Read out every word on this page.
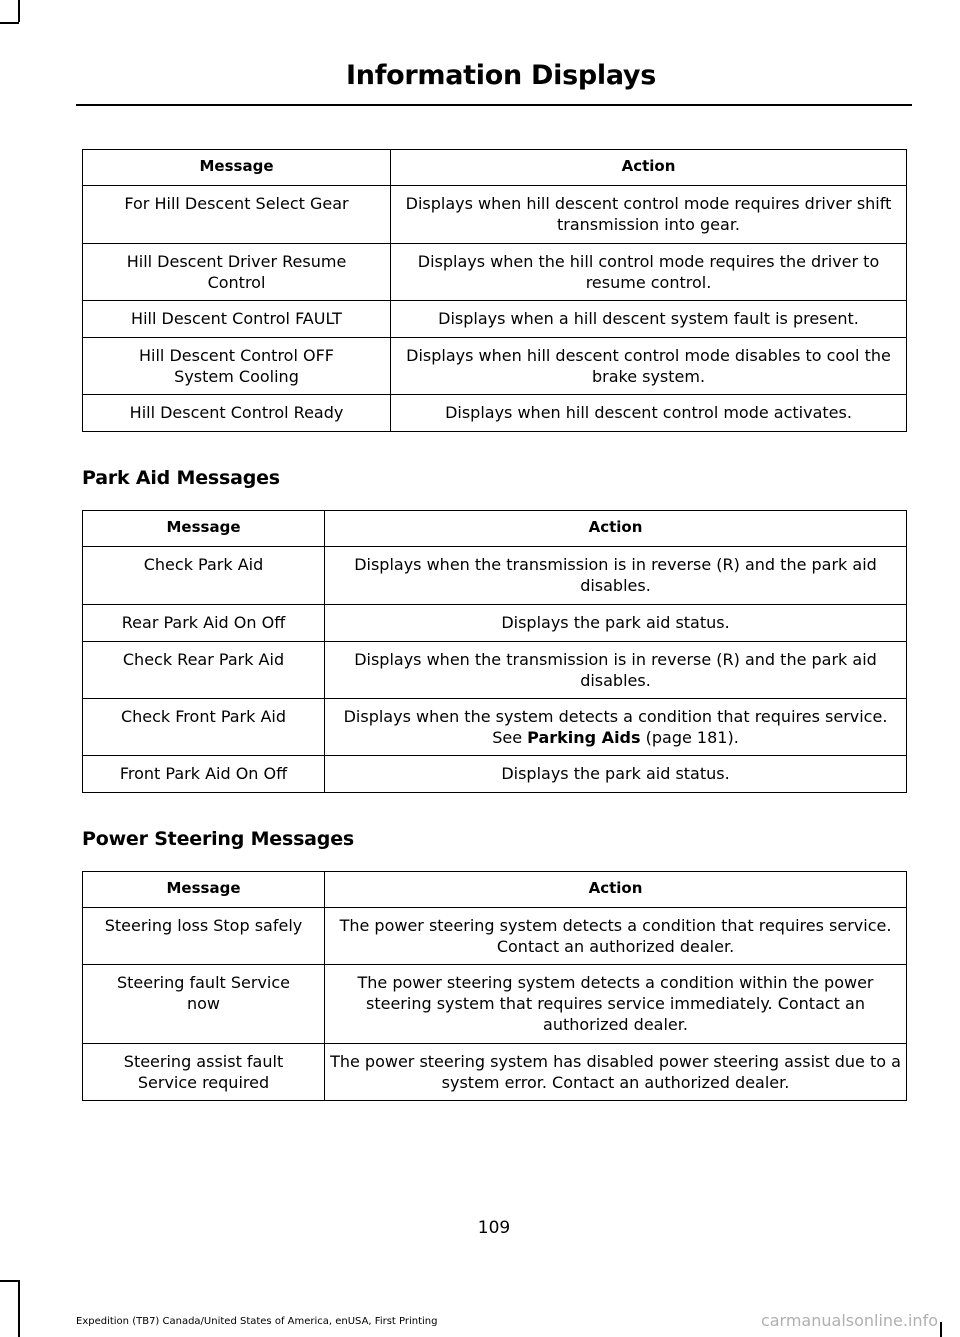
Information Displays
Message	Action
For Hill Descent Select Gear	Displays when hill descent control mode requires driver shift transmission into gear.
Hill Descent Driver Resume Control	Displays when the hill control mode requires the driver to resume control.
Hill Descent Control FAULT	Displays when a hill descent system fault is present.
Hill Descent Control OFF System Cooling	Displays when hill descent control mode disables to cool the brake system.
Hill Descent Control Ready	Displays when hill descent control mode activates.
Park Aid Messages
Message	Action
Check Park Aid	Displays when the transmission is in reverse (R) and the park aid disables.
Rear Park Aid On Off	Displays the park aid status.
Check Rear Park Aid	Displays when the transmission is in reverse (R) and the park aid disables.
Check Front Park Aid	Displays when the system detects a condition that requires service. See Parking Aids (page 181).
Front Park Aid On Off	Displays the park aid status.
Power Steering Messages
Message	Action
Steering loss Stop safely	The power steering system detects a condition that requires service. Contact an authorized dealer.
Steering fault Service now	The power steering system detects a condition within the power steering system that requires service immediately. Contact an authorized dealer.
Steering assist fault Service required	The power steering system has disabled power steering assist due to a system error. Contact an authorized dealer.
109
Expedition (TB7) Canada/United States of America, enUSA, First Printing	carmanualsonline.info
